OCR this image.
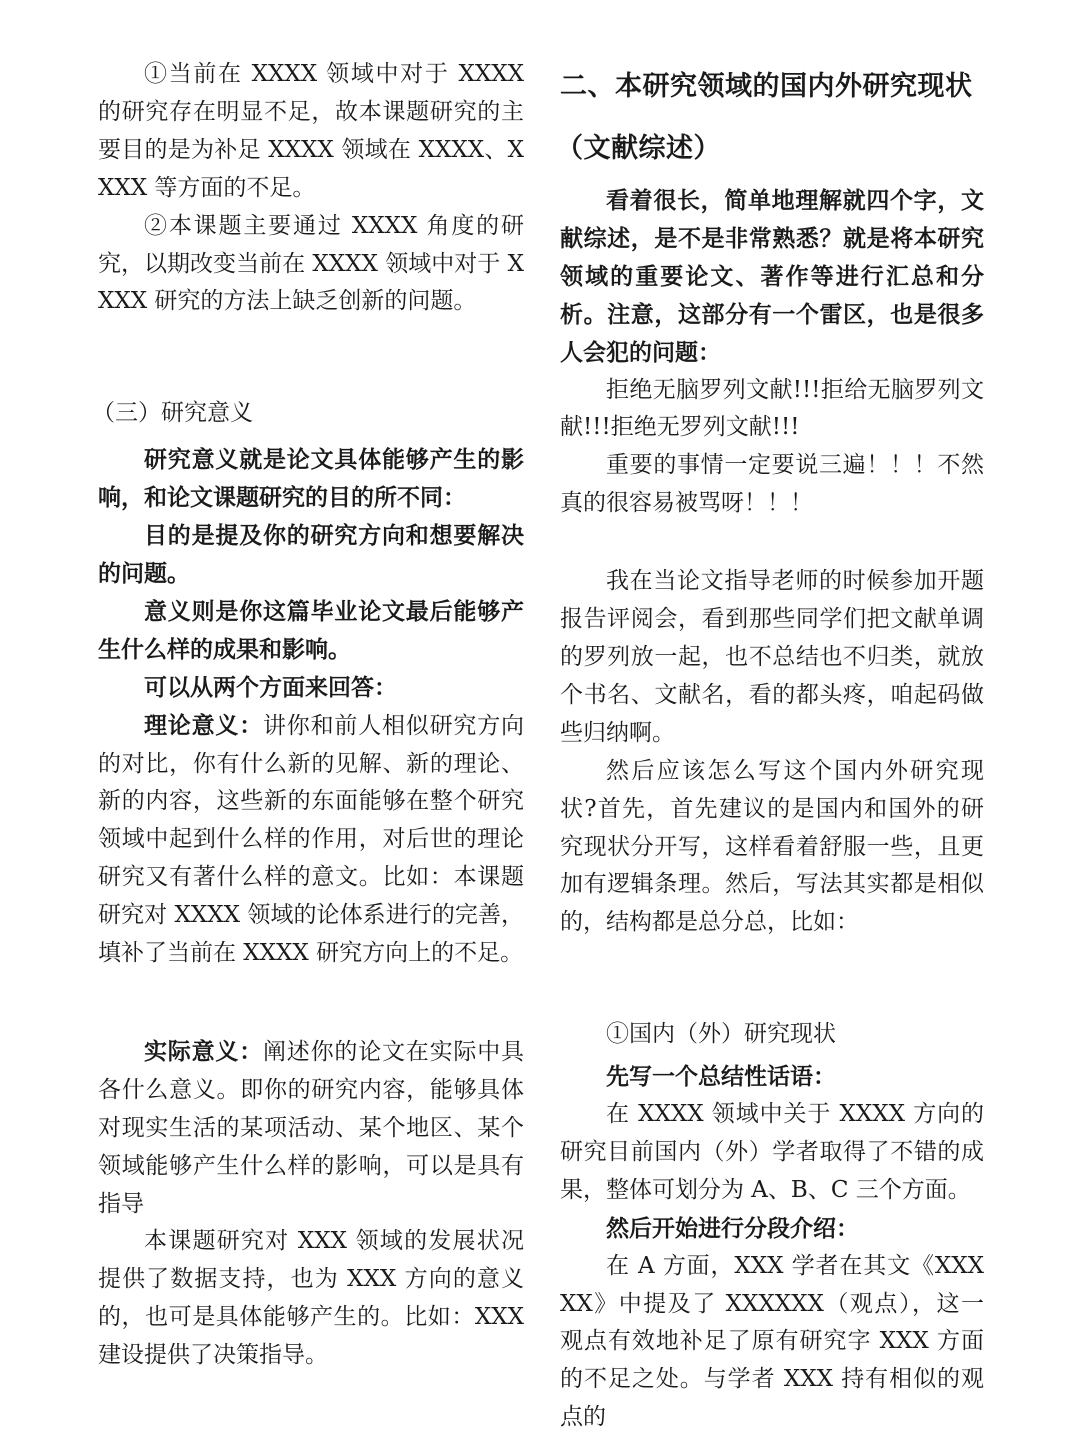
①当前在 XXXX 领域中对于 XXXX 的研究存在明显不足，故本课题研究的主要目的是为补足 XXXX 领域在 XXXX、XXXX 等方面的不足。

②本课题主要通过 XXXX 角度的研究，以期改变当前在 XXXX 领域中对于 XXXX 研究的方法上缺乏创新的问题。

（三）研究意义

研究意义就是论文具体能够产生的影响，和论文课题研究的目的所不同：

目的是提及你的研究方向和想要解决的问题。

意义则是你这篇毕业论文最后能够产生什么样的成果和影响。

可以从两个方面来回答：

理论意义：讲你和前人相似研究方向的对比，你有什么新的见解、新的理论、新的内容，这些新的东面能够在整个研究领域中起到什么样的作用，对后世的理论研究又有著什么样的意文。比如：本课题研究对 XXXX 领域的论体系进行的完善，填补了当前在 XXXX 研究方向上的不足。

实际意义：阐述你的论文在实际中具各什么意义。即你的研究内容，能够具体对现实生活的某项活动、某个地区、某个领域能够产生什么样的影响，可以是具有指导

本课题研究对 XXX 领域的发展状况提供了数据支持，也为 XXX 方向的意义的，也可是具体能够产生的。比如：XXX 建设提供了决策指导。

二、本研究领域的国内外研究现状

（文献综述）

看着很长，简单地理解就四个字，文献综述，是不是非常熟悉？就是将本研究领域的重要论文、著作等进行汇总和分析。注意，这部分有一个雷区，也是很多人会犯的问题：

拒绝无脑罗列文献!!!拒给无脑罗列文献!!!拒绝无罗列文献!!!

重要的事情一定要说三遍！！！不然真的很容易被骂呀！！！

我在当论文指导老师的时候参加开题报告评阅会，看到那些同学们把文献单调的罗列放一起，也不总结也不归类，就放个书名、文献名，看的都头疼，咱起码做些归纳啊。

然后应该怎么写这个国内外研究现状?首先，首先建议的是国内和国外的研究现状分开写，这样看着舒服一些，且更加有逻辑条理。然后，写法其实都是相似的，结构都是总分总，比如：

①国内（外）研究现状

先写一个总结性话语：

在 XXXX 领域中关于 XXXX 方向的研究目前国内（外）学者取得了不错的成果，整体可划分为 A、B、C 三个方面。

然后开始进行分段介绍：

在 A 方面，XXX 学者在其文《XXXXX》中提及了 XXXXXX（观点），这一观点有效地补足了原有研究字 XXX 方面的不足之处。与学者 XXX 持有相似的观点的
